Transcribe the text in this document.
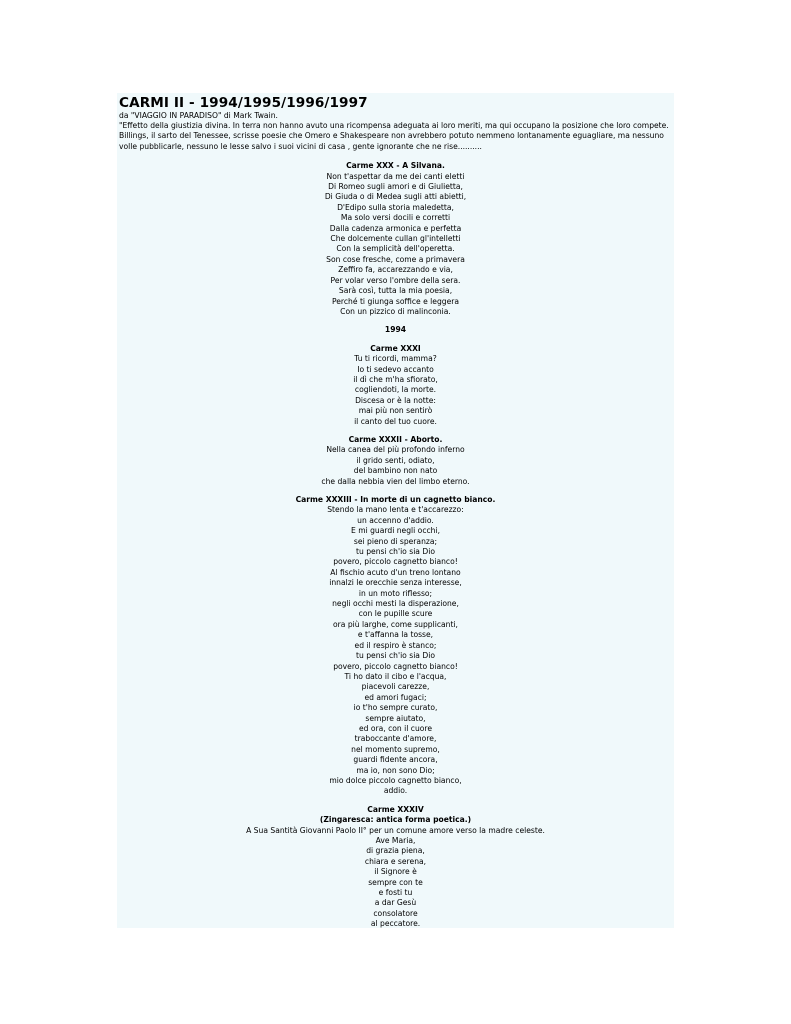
CARMI II - 1994/1995/1996/1997
da "VIAGGIO IN PARADISO" di Mark Twain.
"Effetto della giustizia divina. In terra non hanno avuto una ricompensa adeguata ai loro meriti, ma qui occupano la posizione che loro compete. Billings, il sarto del Tenessee, scrisse poesie che Omero e Shakespeare non avrebbero potuto nemmeno lontanamente eguagliare, ma nessuno volle pubblicarle, nessuno le lesse salvo i suoi vicini di casa , gente ignorante che ne rise..........
Carme XXX - A Silvana.
Non t'aspettar da me dei canti eletti
Di Romeo sugli amori e di Giulietta,
Di Giuda o di Medea sugli atti abietti,
D'Edipo sulla storia maledetta,
Ma solo versi docili e corretti
Dalla cadenza armonica e perfetta
Che dolcemente cullan gl'intelletti
Con la semplicità dell'operetta.
Son cose fresche, come a primavera
Zeffiro fa, accarezzando e via,
Per volar verso l'ombre della sera.
Sarà così, tutta la mia poesia,
Perché ti giunga soffice e leggera
Con un pizzico di malinconia.
1994
Carme XXXI
Tu ti ricordi, mamma?
Io ti sedevo accanto
il dì che m'ha sfiorato,
cogliendoti, la morte.
Discesa or è la notte:
mai più non sentirò
il canto del tuo cuore.
Carme XXXII - Aborto.
Nella canea del più profondo inferno
il grido senti, odiato,
del bambino non nato
che dalla nebbia vien del limbo eterno.
Carme XXXIII - In morte di un cagnetto bianco.
Stendo la mano lenta e t'accarezzo:
un accenno d'addio.
E mi guardi negli occhi,
sei pieno di speranza;
tu pensi ch'io sia Dio
povero, piccolo cagnetto bianco!
Al fischio acuto d'un treno lontano
innalzi le orecchie senza interesse,
in un moto riflesso;
negli occhi mesti la disperazione,
con le pupille scure
ora più larghe, come supplicanti,
e t'affanna la tosse,
ed il respiro è stanco;
tu pensi ch'io sia Dio
povero, piccolo cagnetto bianco!
Ti ho dato il cibo e l'acqua,
piacevoli carezze,
ed amori fugaci;
io t'ho sempre curato,
sempre aiutato,
ed ora, con il cuore
traboccante d'amore,
nel momento supremo,
guardi fidente ancora,
ma io, non sono Dio;
mio dolce piccolo cagnetto bianco,
addio.
Carme XXXIV
(Zingaresca: antica forma poetica.)
A Sua Santità Giovanni Paolo II° per un comune amore verso la madre celeste.
Ave Maria,
di grazia piena,
chiara e serena,
il Signore è
sempre con te
e fosti tu
a dar Gesù
consolatore
al peccatore.
